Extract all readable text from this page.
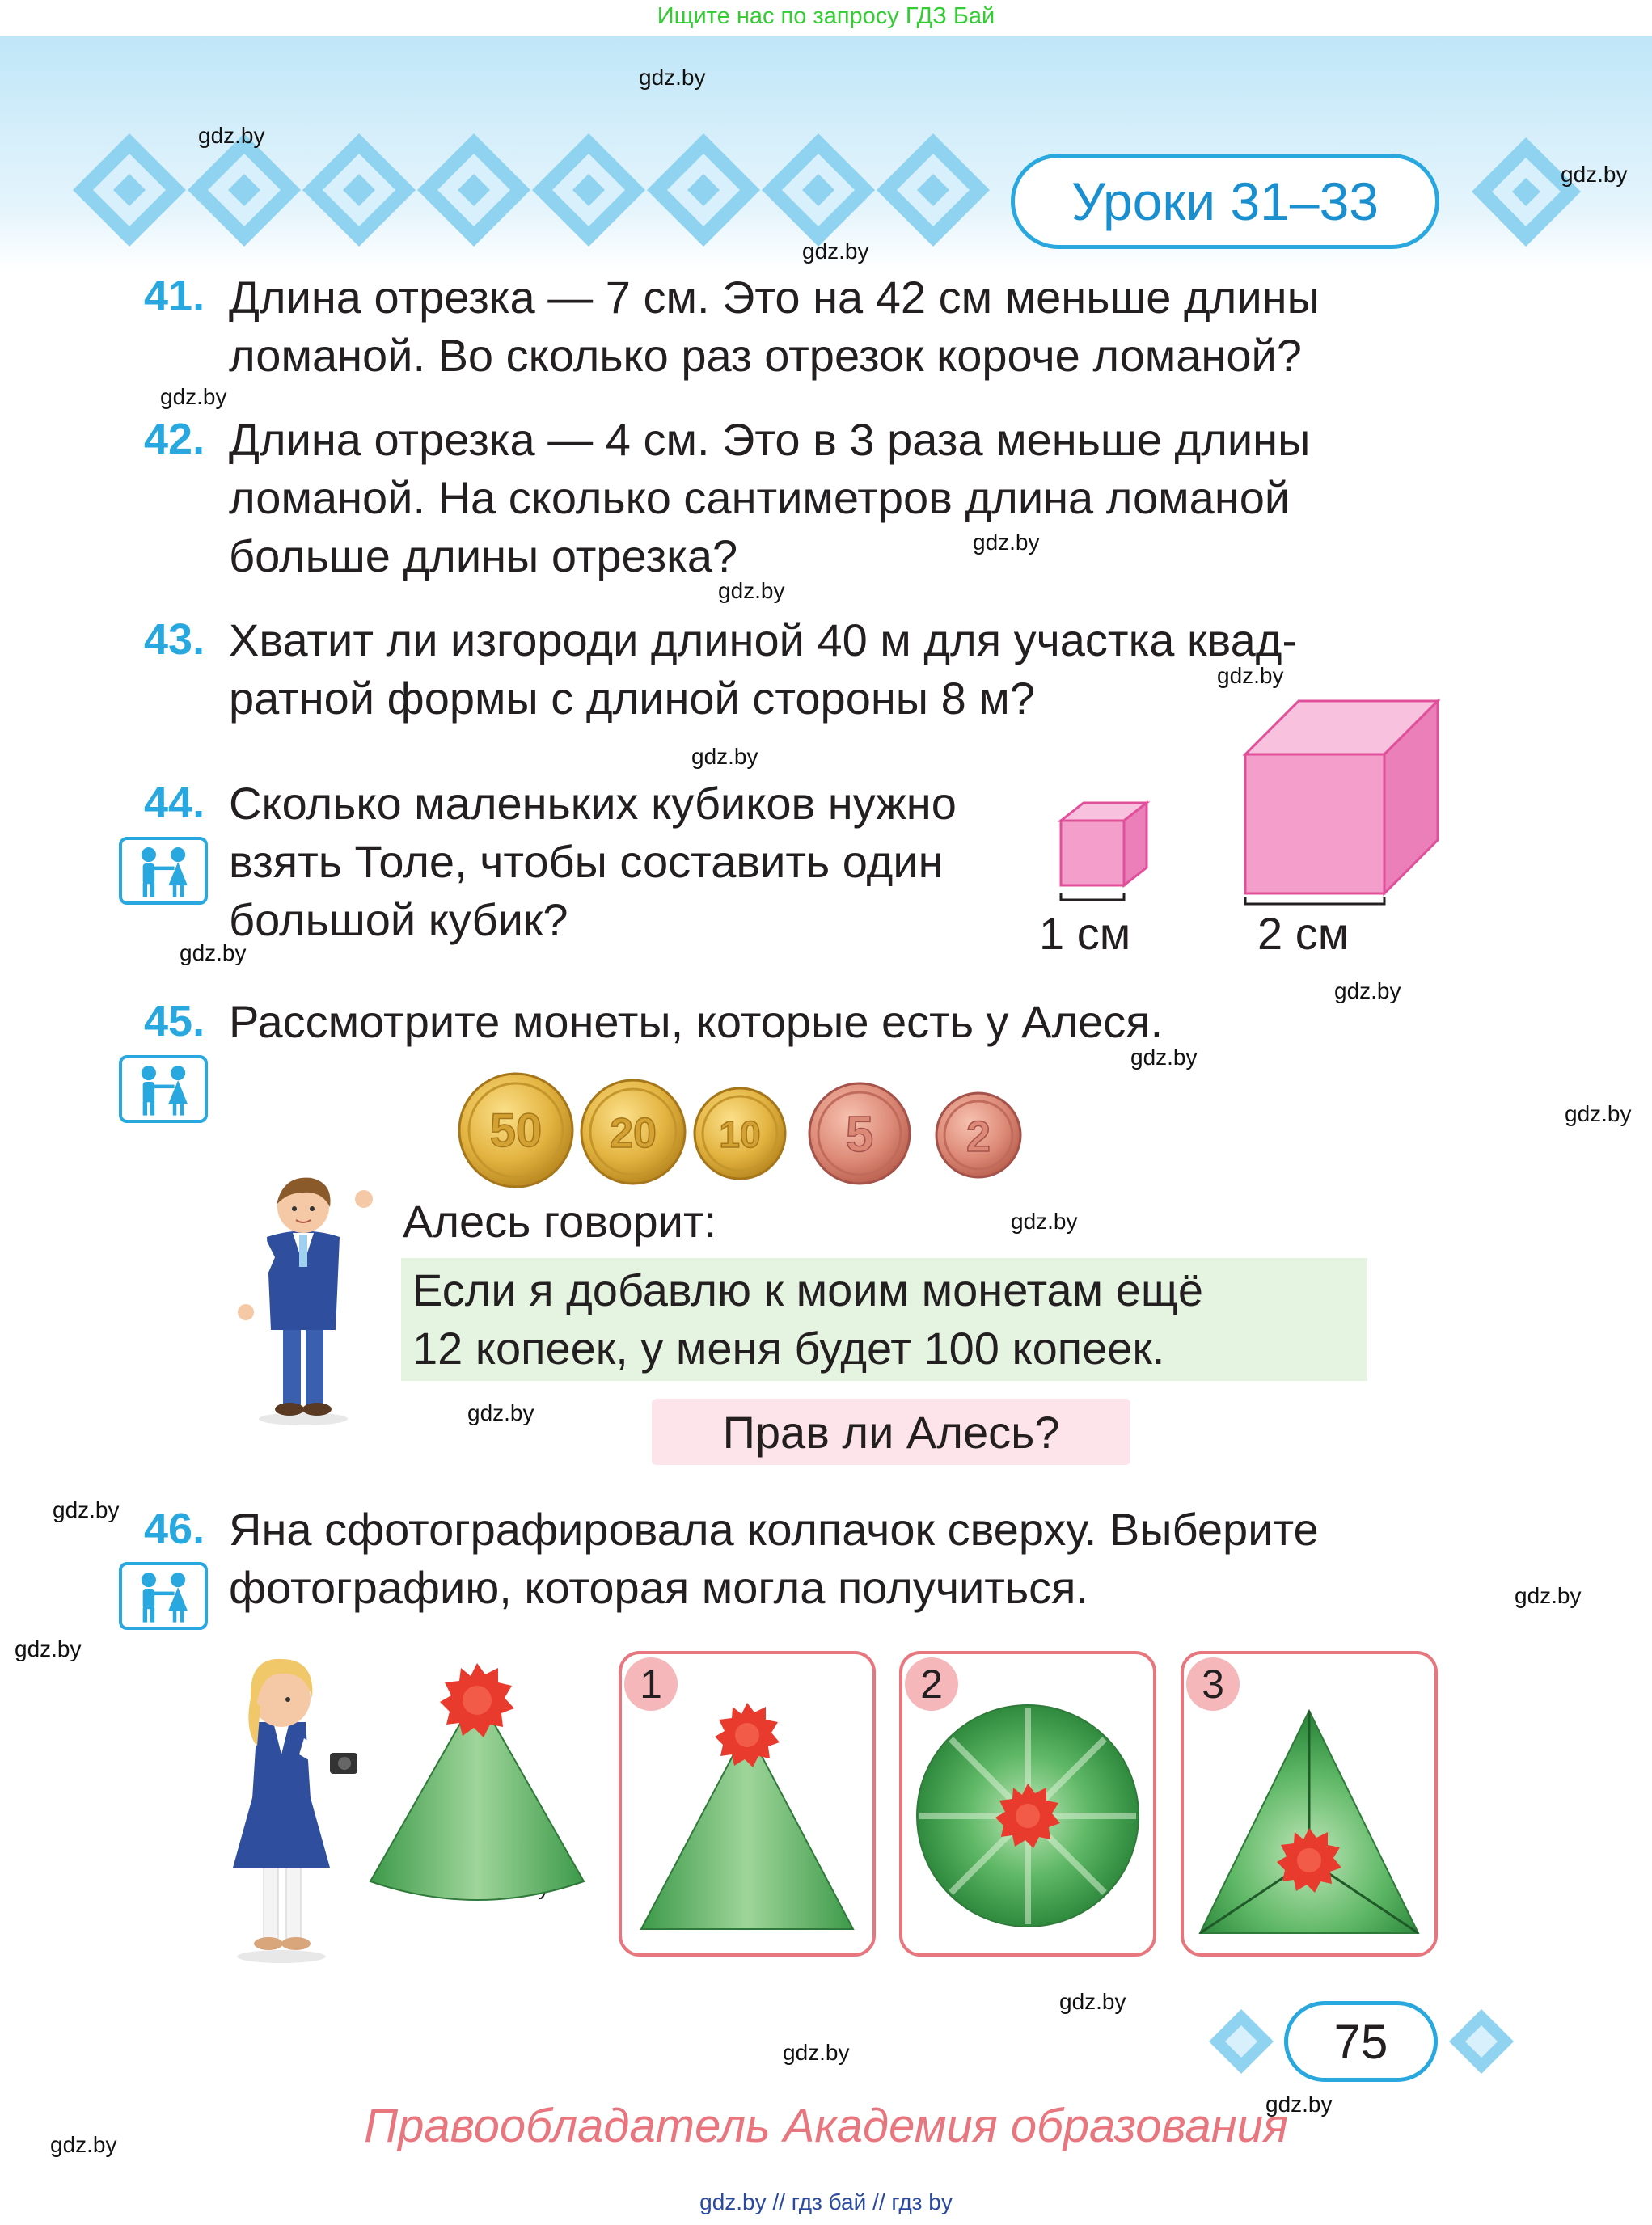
Ищите нас по запросу ГДЗ Бай
Уроки 31–33
gdz.by
gdz.by
gdz.by
gdz.by
gdz.by
gdz.by
gdz.by
gdz.by
gdz.by
gdz.by
gdz.by
gdz.by
gdz.by
gdz.by
gdz.by
gdz.by
gdz.by
gdz.by
gdz.by
gdz.by
gdz.by
gdz.by
41. Длина отрезка — 7 см. Это на 42 см меньше длины
ломаной. Во сколько раз отрезок короче ломаной?
42. Длина отрезка — 4 см. Это в 3 раза меньше длины
ломаной. На сколько сантиметров длина ломаной
больше длины отрезка?
43. Хватит ли изгороди длиной 40 м для участка квад-
ратной формы с длиной стороны 8 м?
44. Сколько маленьких кубиков нужно
взять Толе, чтобы составить один
большой кубик?	1 см	2 см
45. Рассмотрите монеты, которые есть у Алеся.
50 20 10 5 2
Алесь говорит:
Если я добавлю к моим монетам ещё
12 копеек, у меня будет 100 копеек.
Прав ли Алесь?
46. Яна сфотографировала колпачок сверху. Выберите
фотографию, которая могла получиться.
1	2	3
75
Правообладатель Академия образования
gdz.by // гдз бай // гдз by
